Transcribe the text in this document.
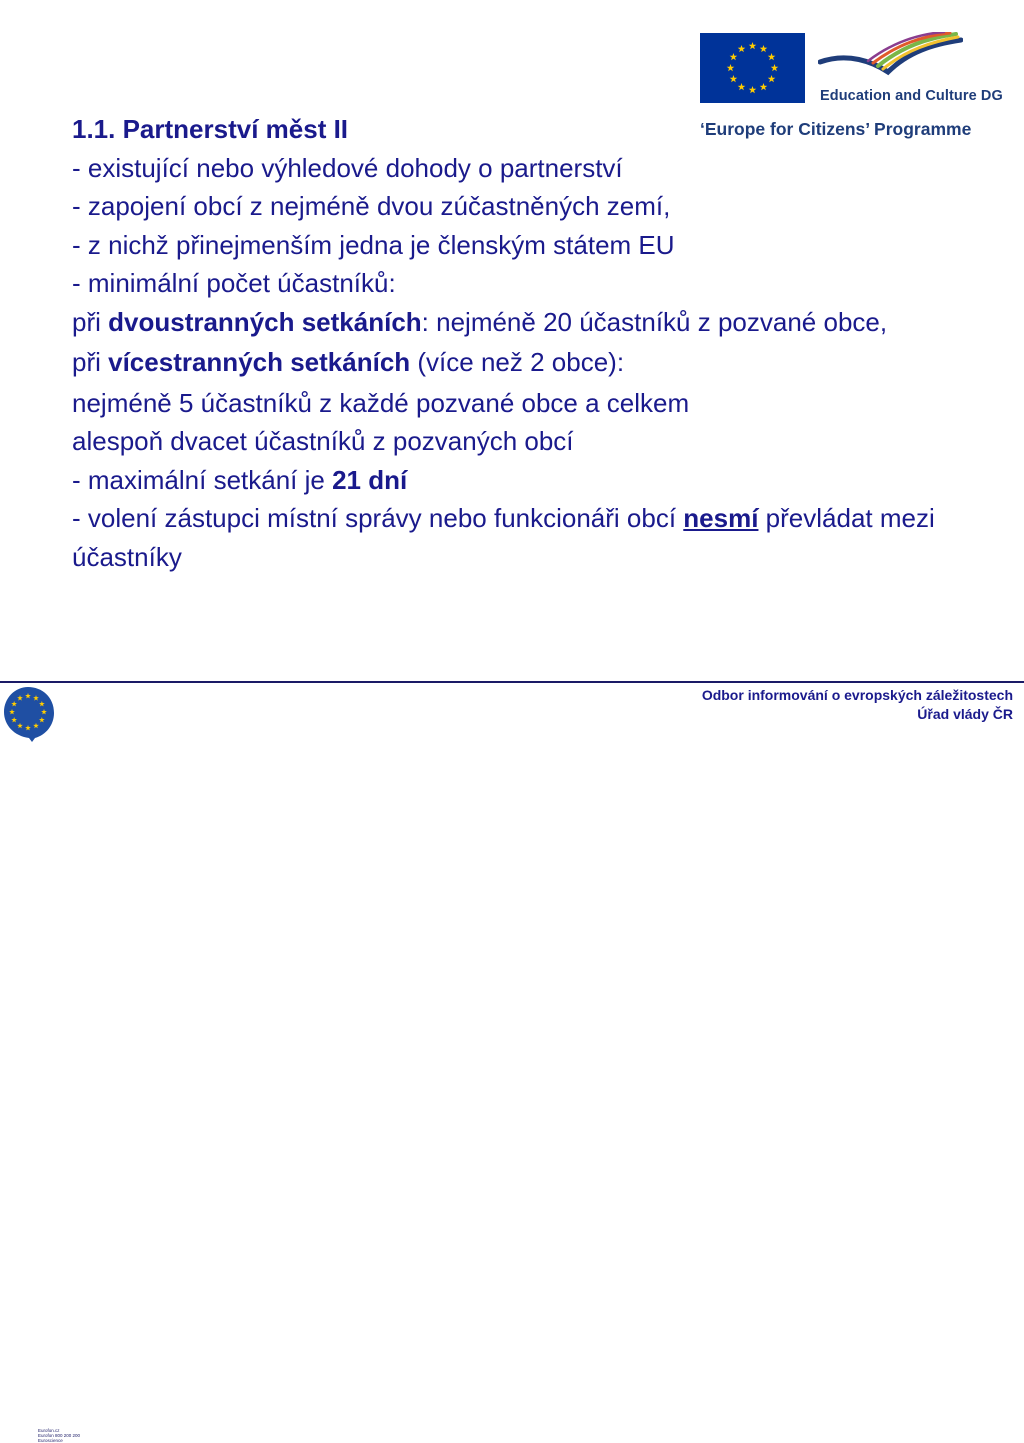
Education and Culture DG
‘Europe for Citizens’ Programme

1.1. Partnerství měst II

- existující nebo výhledové dohody o partnerství

- zapojení obcí z nejméně dvou zúčastněných zemí,

- z nichž přinejmenším jedna je členským státem EU

- minimální počet účastníků:

při dvoustranných setkáních: nejméně 20 účastníků z pozvané obce,

při vícestranných setkáních (více než 2 obce):

nejméně 5 účastníků z každé pozvané obce a celkem

alespoň dvacet účastníků z pozvaných obcí

- maximální setkání je 21 dní

- volení zástupci místní správy nebo funkcionáři obcí nesmí převládat mezi účastníky

Eurofon.cz
Eurofon 800 200 200
Euroscience
Odbor informování o evropských záležitostech
Úřad vlády ČR
